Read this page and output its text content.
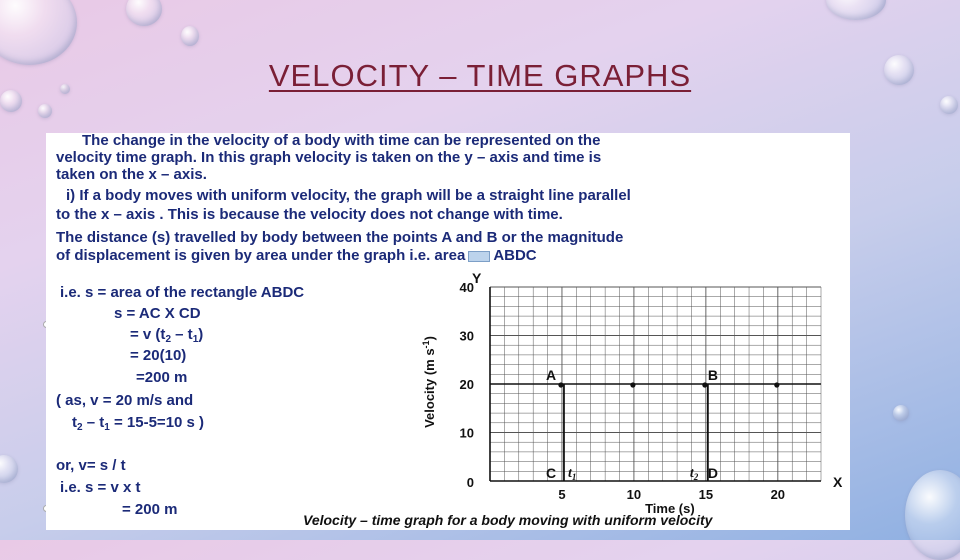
VELOCITY – TIME GRAPHS
The change in the velocity of a body with time can be represented on the
velocity time graph. In this graph velocity is taken on the y – axis and time is
taken on the x – axis.
i) If a body moves with uniform velocity, the graph will be a straight line parallel
to the x – axis . This is because the velocity does not change with time.
The distance (s) travelled by body between the points A and B or the magnitude
of displacement is given by area under the graph i.e. area ABDC
i.e. s = area of the rectangle ABDC
s = AC X CD
= v $(t_2 - t_1)$
= 20(10)
=200 m
( as, v = 20 m/s and
$t_2 - t_1 = 15-5=10$ s )
or, v= s / t
i.e. s = v x t
= 200 m
5	10	15	20
0
10
20
30
40
Time (s)
Velocity (m $s^{-1}$)
Y
X
A	B
C	D
$t_1$	$t_2$
Velocity – time graph for a body moving with uniform velocity
